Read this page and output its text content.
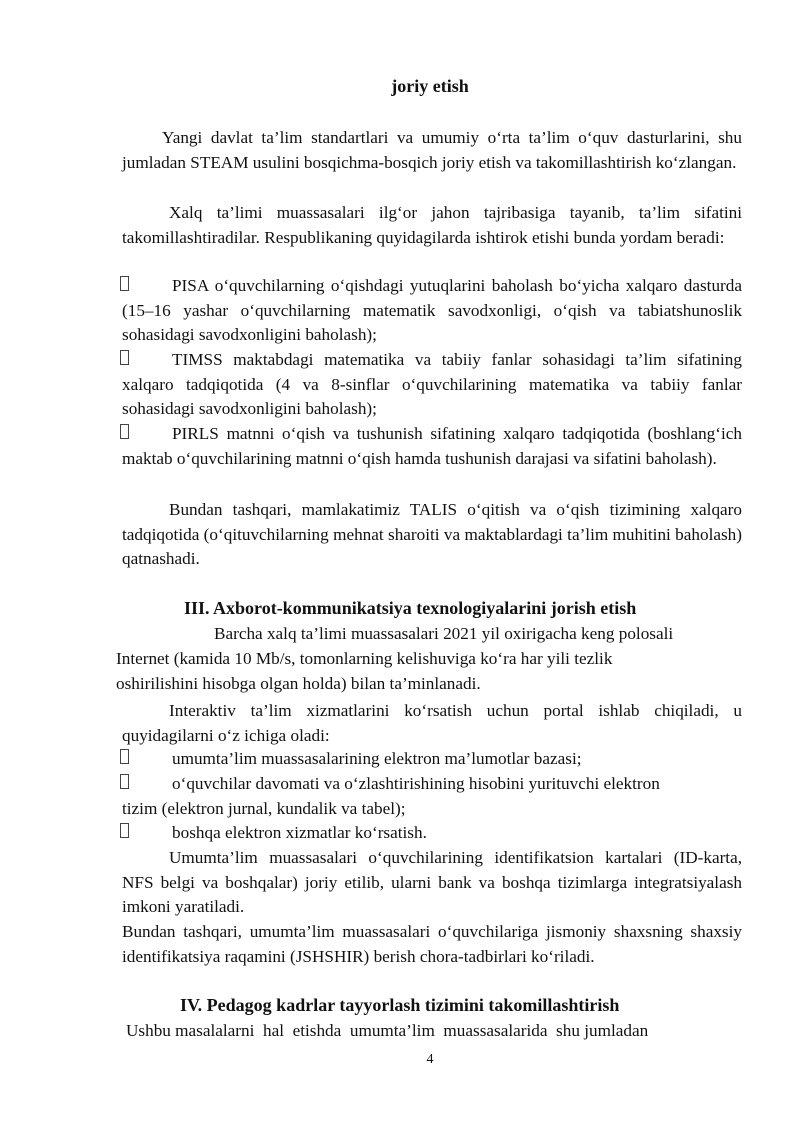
joriy etish
Yangi davlat ta’lim standartlari va umumiy o‘rta ta’lim o‘quv dasturlarini, shu jumladan STEAM usulini bosqichma-bosqich joriy etish va takomillashtirish ko‘zlangan.
Xalq ta’limi muassasalari ilg‘or jahon tajribasiga tayanib, ta’lim sifatini takomillashtiradilar. Respublikaning quyidagilarda ishtirok etishi bunda yordam beradi:
PISA o‘quvchilarning o‘qishdagi yutuqlarini baholash bo‘yicha xalqaro dasturda (15–16 yashar o‘quvchilarning matematik savodxonligi, o‘qish va tabiatshunoslik sohasidagi savodxonligini baholash);
TIMSS maktabdagi matematika va tabiiy fanlar sohasidagi ta’lim sifatining xalqaro tadqiqotida (4 va 8-sinflar o‘quvchilarining matematika va tabiiy fanlar sohasidagi savodxonligini baholash);
PIRLS matnni o‘qish va tushunish sifatining xalqaro tadqiqotida (boshlang‘ich maktab o‘quvchilarining matnni o‘qish hamda tushunish darajasi va sifatini baholash).
Bundan tashqari, mamlakatimiz TALIS o‘qitish va o‘qish tizimining xalqaro tadqiqotida (o‘qituvchilarning mehnat sharoiti va maktablardagi ta’lim muhitini baholash) qatnashadi.
III. Axborot-kommunikatsiya texnologiyalarini jorish etish
Barcha xalq ta’limi muassasalari 2021 yil oxirigacha keng polosali
Internet (kamida 10 Mb/s, tomonlarning kelishuviga ko‘ra har yili tezlik
oshirilishini hisobga olgan holda) bilan ta’minlanadi.
Interaktiv ta’lim xizmatlarini ko‘rsatish uchun portal ishlab chiqiladi, u quyidagilarni o‘z ichiga oladi:
umumta’lim muassasalarining elektron ma’lumotlar bazasi;
o‘quvchilar davomati va o‘zlashtirishining hisobini yurituvchi elektron
tizim (elektron jurnal, kundalik va tabel);
boshqa elektron xizmatlar ko‘rsatish.
Umumta’lim muassasalari o‘quvchilarining identifikatsion kartalari (ID-karta, NFS belgi va boshqalar) joriy etilib, ularni bank va boshqa tizimlarga integratsiyalash imkoni yaratiladi.
Bundan tashqari, umumta’lim muassasalari o‘quvchilariga jismoniy shaxsning shaxsiy identifikatsiya raqamini (JSHSHIR) berish chora-tadbirlari ko‘riladi.
IV. Pedagog kadrlar tayyorlash tizimini takomillashtirish
Ushbu masalalarni  hal  etishda  umumta’lim  muassasalarida  shu jumladan
4
